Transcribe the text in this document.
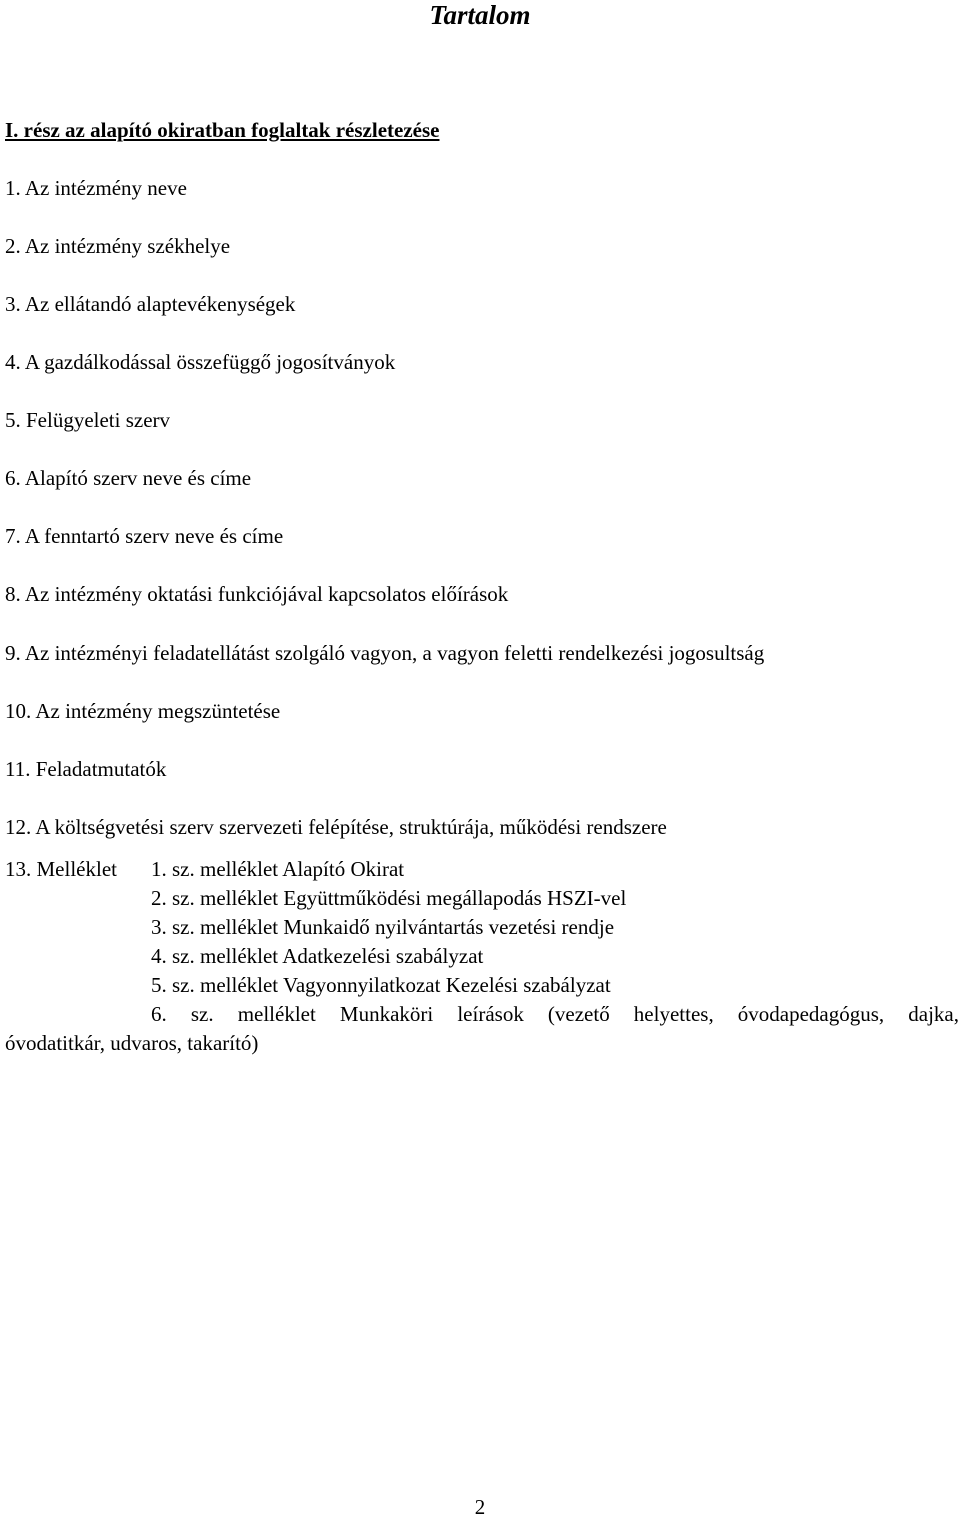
Tartalom
I. rész az alapító okiratban foglaltak részletezése
1. Az intézmény neve
2. Az intézmény székhelye
3. Az ellátandó alaptevékenységek
4. A gazdálkodással összefüggő jogosítványok
5. Felügyeleti szerv
6. Alapító szerv neve és címe
7. A fenntartó szerv neve és címe
8. Az intézmény oktatási funkciójával kapcsolatos előírások
9. Az intézményi feladatellátást szolgáló vagyon, a vagyon feletti rendelkezési jogosultság
10. Az intézmény megszüntetése
11. Feladatmutatók
12. A költségvetési szerv szervezeti felépítése, struktúrája, működési rendszere
13. Melléklet 1. sz. melléklet Alapító Okirat
2. sz. melléklet Együttműködési megállapodás HSZI-vel
3. sz. melléklet Munkaidő nyilvántartás vezetési rendje
4. sz. melléklet Adatkezelési szabályzat
5. sz. melléklet Vagyonnyilatkozat Kezelési szabályzat
6. sz. melléklet Munkaköri leírások (vezető helyettes, óvodapedagógus, dajka,
óvodatitkár, udvaros, takarító)
2
